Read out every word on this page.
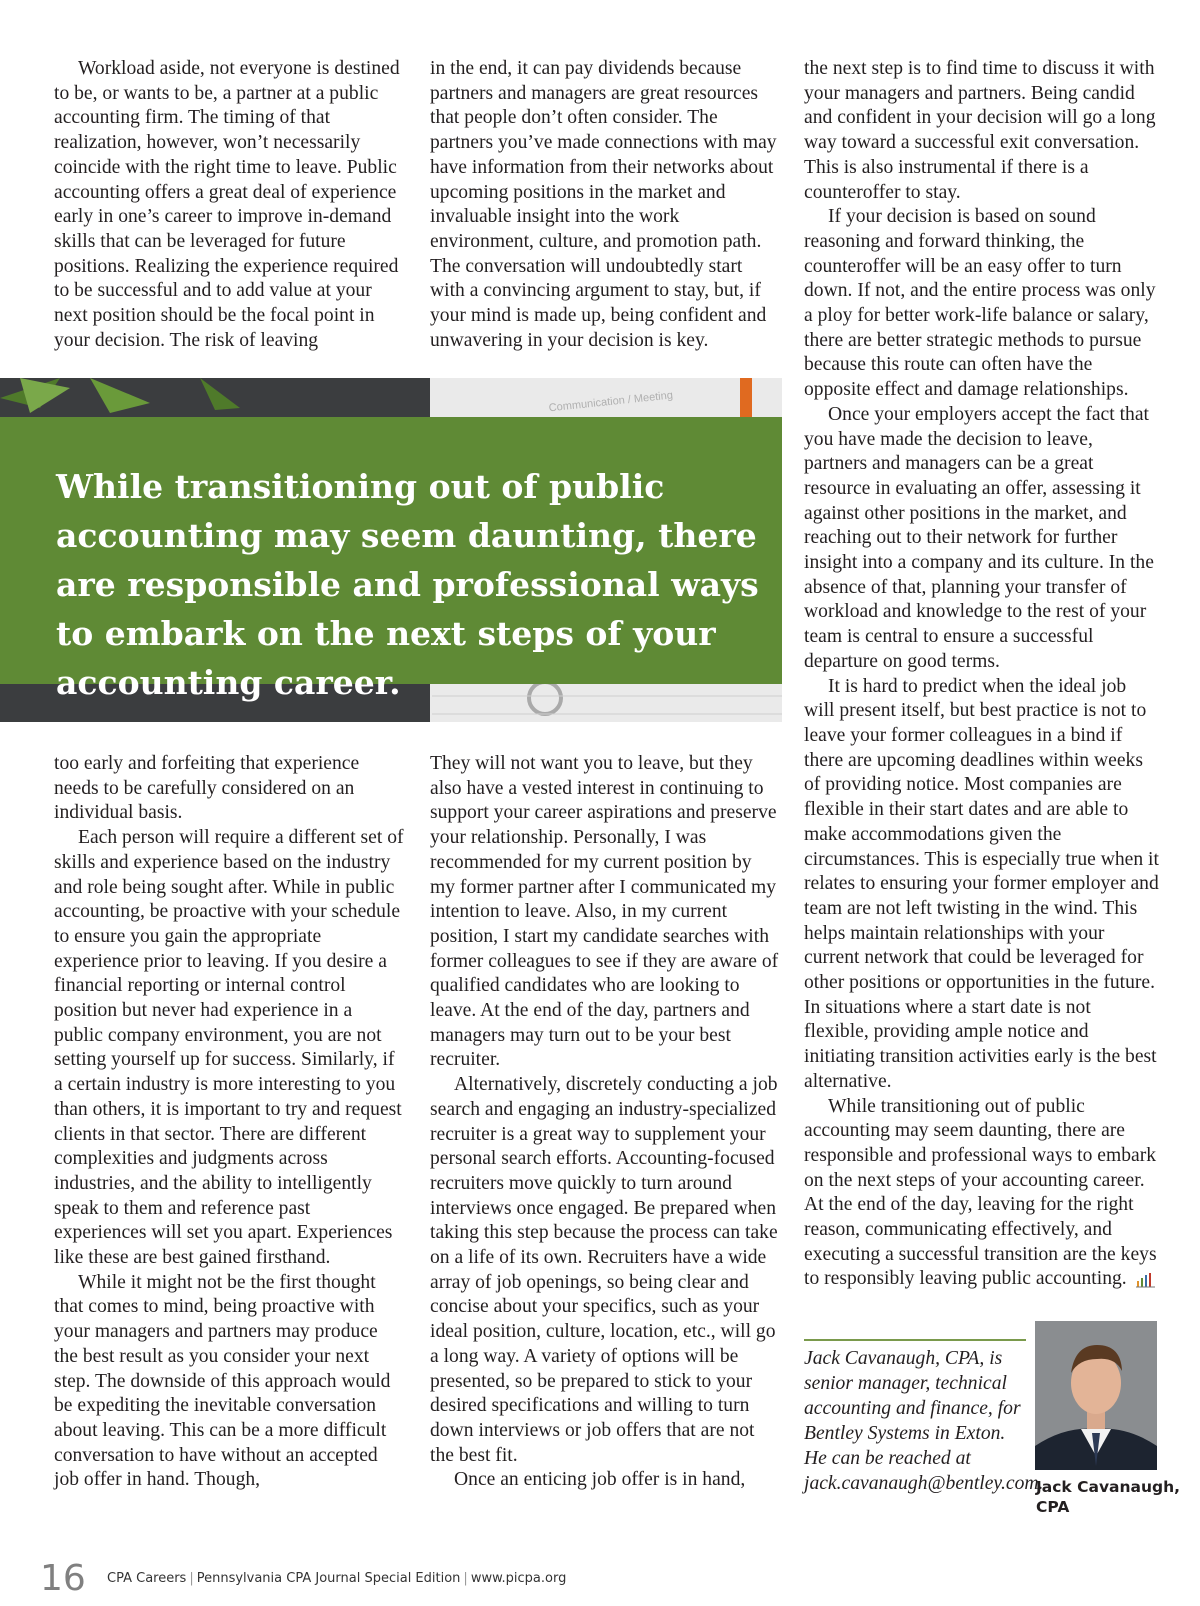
Workload aside, not everyone is destined to be, or wants to be, a partner at a public accounting firm. The timing of that realization, however, won’t necessarily coincide with the right time to leave. Public accounting offers a great deal of experience early in one’s career to improve in-demand skills that can be leveraged for future positions. Realizing the experience required to be successful and to add value at your next position should be the focal point in your decision. The risk of leaving

in the end, it can pay dividends because partners and managers are great resources that people don’t often consider. The partners you’ve made connections with may have information from their networks about upcoming positions in the market and invaluable insight into the work environment, culture, and promotion path. The conversation will undoubtedly start with a convincing argument to stay, but, if your mind is made up, being confident and unwavering in your decision is key.

Communication / Meeting

While transitioning out of public accounting may seem daunting, there are responsible and professional ways to embark on the next steps of your accounting career.

the next step is to find time to discuss it with your managers and partners. Being candid and confident in your decision will go a long way toward a successful exit conversation. This is also instrumental if there is a counteroffer to stay.

If your decision is based on sound reasoning and forward thinking, the counteroffer will be an easy offer to turn down. If not, and the entire process was only a ploy for better work-life balance or salary, there are better strategic methods to pursue because this route can often have the opposite effect and damage relationships.

Once your employers accept the fact that you have made the decision to leave, partners and managers can be a great resource in evaluating an offer, assessing it against other positions in the market, and reaching out to their network for further insight into a company and its culture. In the absence of that, planning your transfer of workload and knowledge to the rest of your team is central to ensure a successful departure on good terms.

It is hard to predict when the ideal job will present itself, but best practice is not to leave your former colleagues in a bind if there are upcoming deadlines within weeks of providing notice. Most companies are flexible in their start dates and are able to make accommodations given the circumstances. This is especially true when it relates to ensuring your former employer and team are not left twisting in the wind. This helps maintain relationships with your current network that could be leveraged for other positions or opportunities in the future. In situations where a start date is not flexible, providing ample notice and initiating transition activities early is the best alternative.

While transitioning out of public accounting may seem daunting, there are responsible and professional ways to embark on the next steps of your accounting career. At the end of the day, leaving for the right reason, communicating effectively, and executing a successful transition are the keys to responsibly leaving public accounting.

too early and forfeiting that experience needs to be carefully considered on an individual basis.

Each person will require a different set of skills and experience based on the industry and role being sought after. While in public accounting, be proactive with your schedule to ensure you gain the appropriate experience prior to leaving. If you desire a financial reporting or internal control position but never had experience in a public company environment, you are not setting yourself up for success. Similarly, if a certain industry is more interesting to you than others, it is important to try and request clients in that sector. There are different complexities and judgments across industries, and the ability to intelligently speak to them and reference past experiences will set you apart. Experiences like these are best gained firsthand.

While it might not be the first thought that comes to mind, being proactive with your managers and partners may produce the best result as you consider your next step. The downside of this approach would be expediting the inevitable conversation about leaving. This can be a more difficult conversation to have without an accepted job offer in hand. Though,

They will not want you to leave, but they also have a vested interest in continuing to support your career aspirations and preserve your relationship. Personally, I was recommended for my current position by my former partner after I communicated my intention to leave. Also, in my current position, I start my candidate searches with former colleagues to see if they are aware of qualified candidates who are looking to leave. At the end of the day, partners and managers may turn out to be your best recruiter.

Alternatively, discretely conducting a job search and engaging an industry-specialized recruiter is a great way to supplement your personal search efforts. Accounting-focused recruiters move quickly to turn around interviews once engaged. Be prepared when taking this step because the process can take on a life of its own. Recruiters have a wide array of job openings, so being clear and concise about your specifics, such as your ideal position, culture, location, etc., will go a long way. A variety of options will be presented, so be prepared to stick to your desired specifications and willing to turn down interviews or job offers that are not the best fit.

Once an enticing job offer is in hand,

Jack Cavanaugh, CPA, is senior manager, technical accounting and finance, for Bentley Systems in Exton. He can be reached at jack.cavanaugh@bentley.com.

Jack Cavanaugh, CPA

16 CPA Careers | Pennsylvania CPA Journal Special Edition | www.picpa.org
